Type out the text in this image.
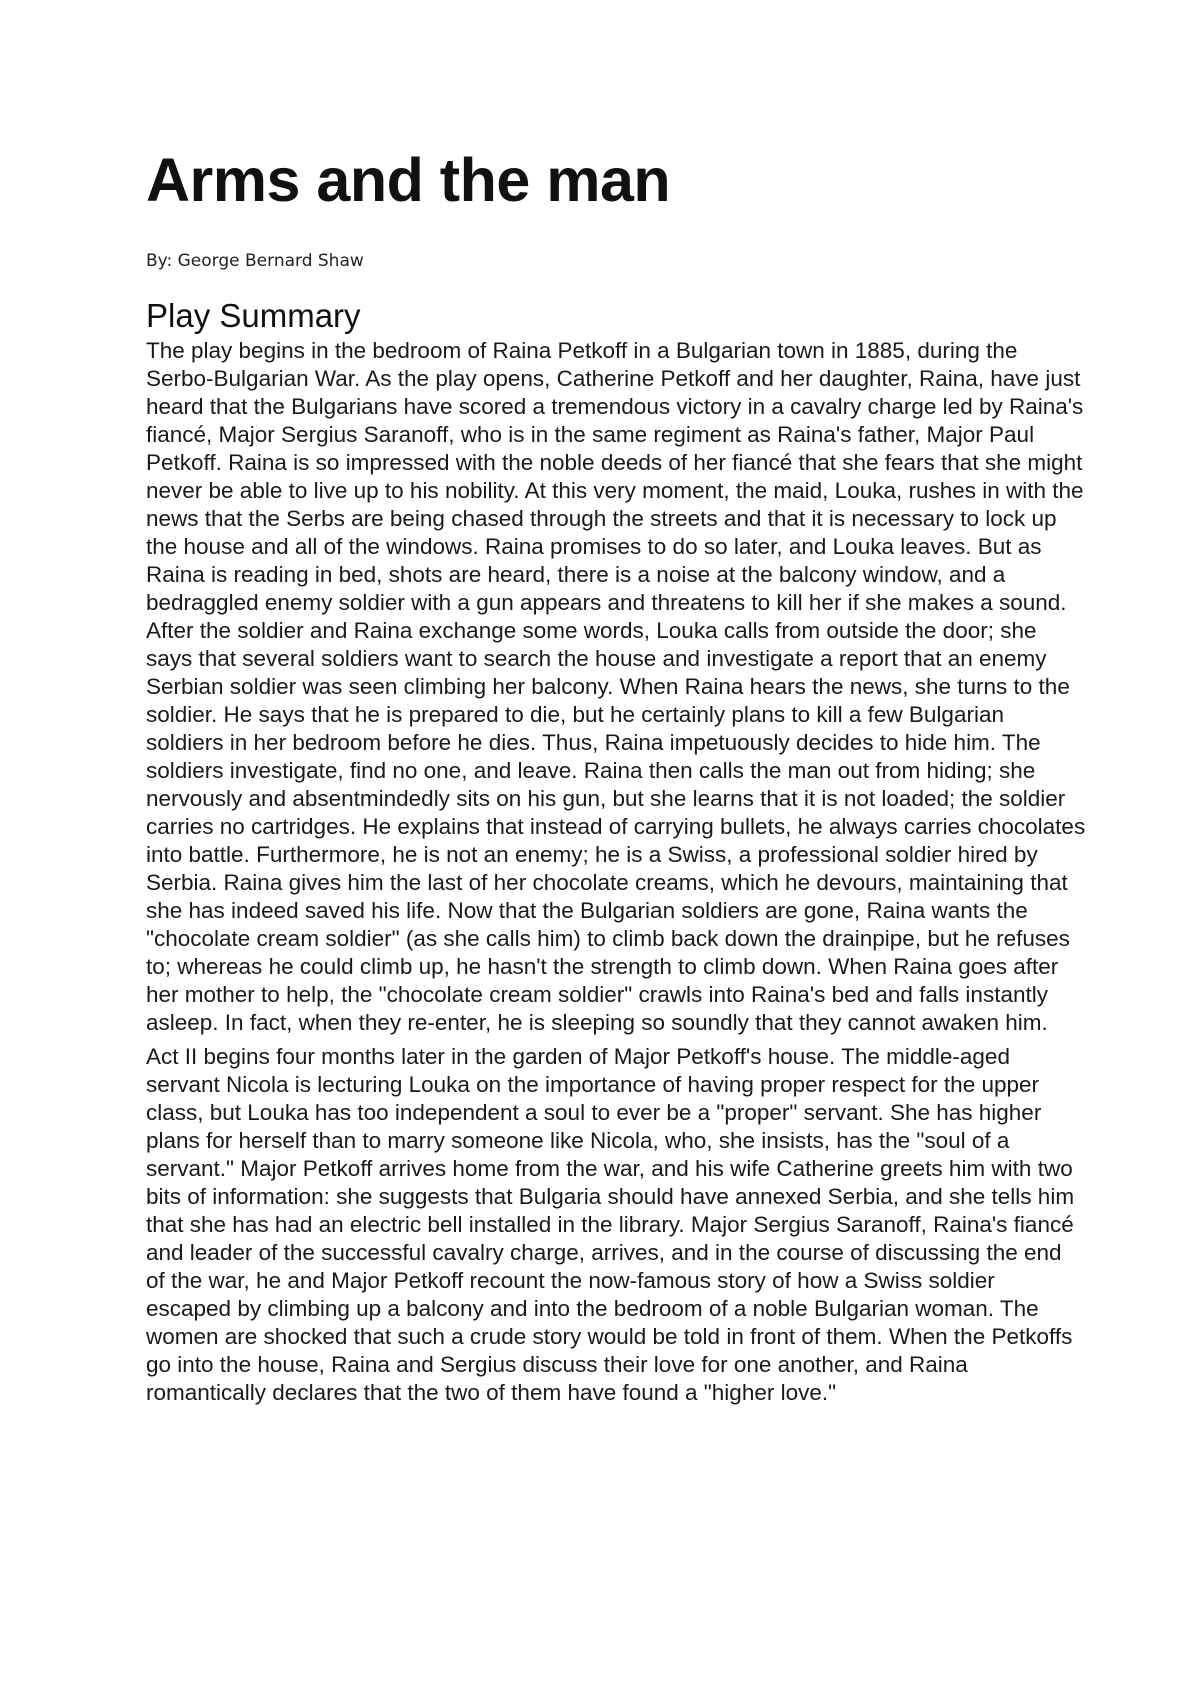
Arms and the man

By: George Bernard Shaw

Play Summary

The play begins in the bedroom of Raina Petkoff in a Bulgarian town in 1885, during the Serbo-Bulgarian War. As the play opens, Catherine Petkoff and her daughter, Raina, have just heard that the Bulgarians have scored a tremendous victory in a cavalry charge led by Raina's fiancé, Major Sergius Saranoff, who is in the same regiment as Raina's father, Major Paul Petkoff. Raina is so impressed with the noble deeds of her fiancé that she fears that she might never be able to live up to his nobility. At this very moment, the maid, Louka, rushes in with the news that the Serbs are being chased through the streets and that it is necessary to lock up the house and all of the windows. Raina promises to do so later, and Louka leaves. But as Raina is reading in bed, shots are heard, there is a noise at the balcony window, and a bedraggled enemy soldier with a gun appears and threatens to kill her if she makes a sound. After the soldier and Raina exchange some words, Louka calls from outside the door; she says that several soldiers want to search the house and investigate a report that an enemy Serbian soldier was seen climbing her balcony. When Raina hears the news, she turns to the soldier. He says that he is prepared to die, but he certainly plans to kill a few Bulgarian soldiers in her bedroom before he dies. Thus, Raina impetuously decides to hide him. The soldiers investigate, find no one, and leave. Raina then calls the man out from hiding; she nervously and absentmindedly sits on his gun, but she learns that it is not loaded; the soldier carries no cartridges. He explains that instead of carrying bullets, he always carries chocolates into battle. Furthermore, he is not an enemy; he is a Swiss, a professional soldier hired by Serbia. Raina gives him the last of her chocolate creams, which he devours, maintaining that she has indeed saved his life. Now that the Bulgarian soldiers are gone, Raina wants the "chocolate cream soldier" (as she calls him) to climb back down the drainpipe, but he refuses to; whereas he could climb up, he hasn't the strength to climb down. When Raina goes after her mother to help, the "chocolate cream soldier" crawls into Raina's bed and falls instantly asleep. In fact, when they re-enter, he is sleeping so soundly that they cannot awaken him.

Act II begins four months later in the garden of Major Petkoff's house. The middle-aged servant Nicola is lecturing Louka on the importance of having proper respect for the upper class, but Louka has too independent a soul to ever be a "proper" servant. She has higher plans for herself than to marry someone like Nicola, who, she insists, has the "soul of a servant." Major Petkoff arrives home from the war, and his wife Catherine greets him with two bits of information: she suggests that Bulgaria should have annexed Serbia, and she tells him that she has had an electric bell installed in the library. Major Sergius Saranoff, Raina's fiancé and leader of the successful cavalry charge, arrives, and in the course of discussing the end of the war, he and Major Petkoff recount the now-famous story of how a Swiss soldier escaped by climbing up a balcony and into the bedroom of a noble Bulgarian woman. The women are shocked that such a crude story would be told in front of them. When the Petkoffs go into the house, Raina and Sergius discuss their love for one another, and Raina romantically declares that the two of them have found a "higher love."
